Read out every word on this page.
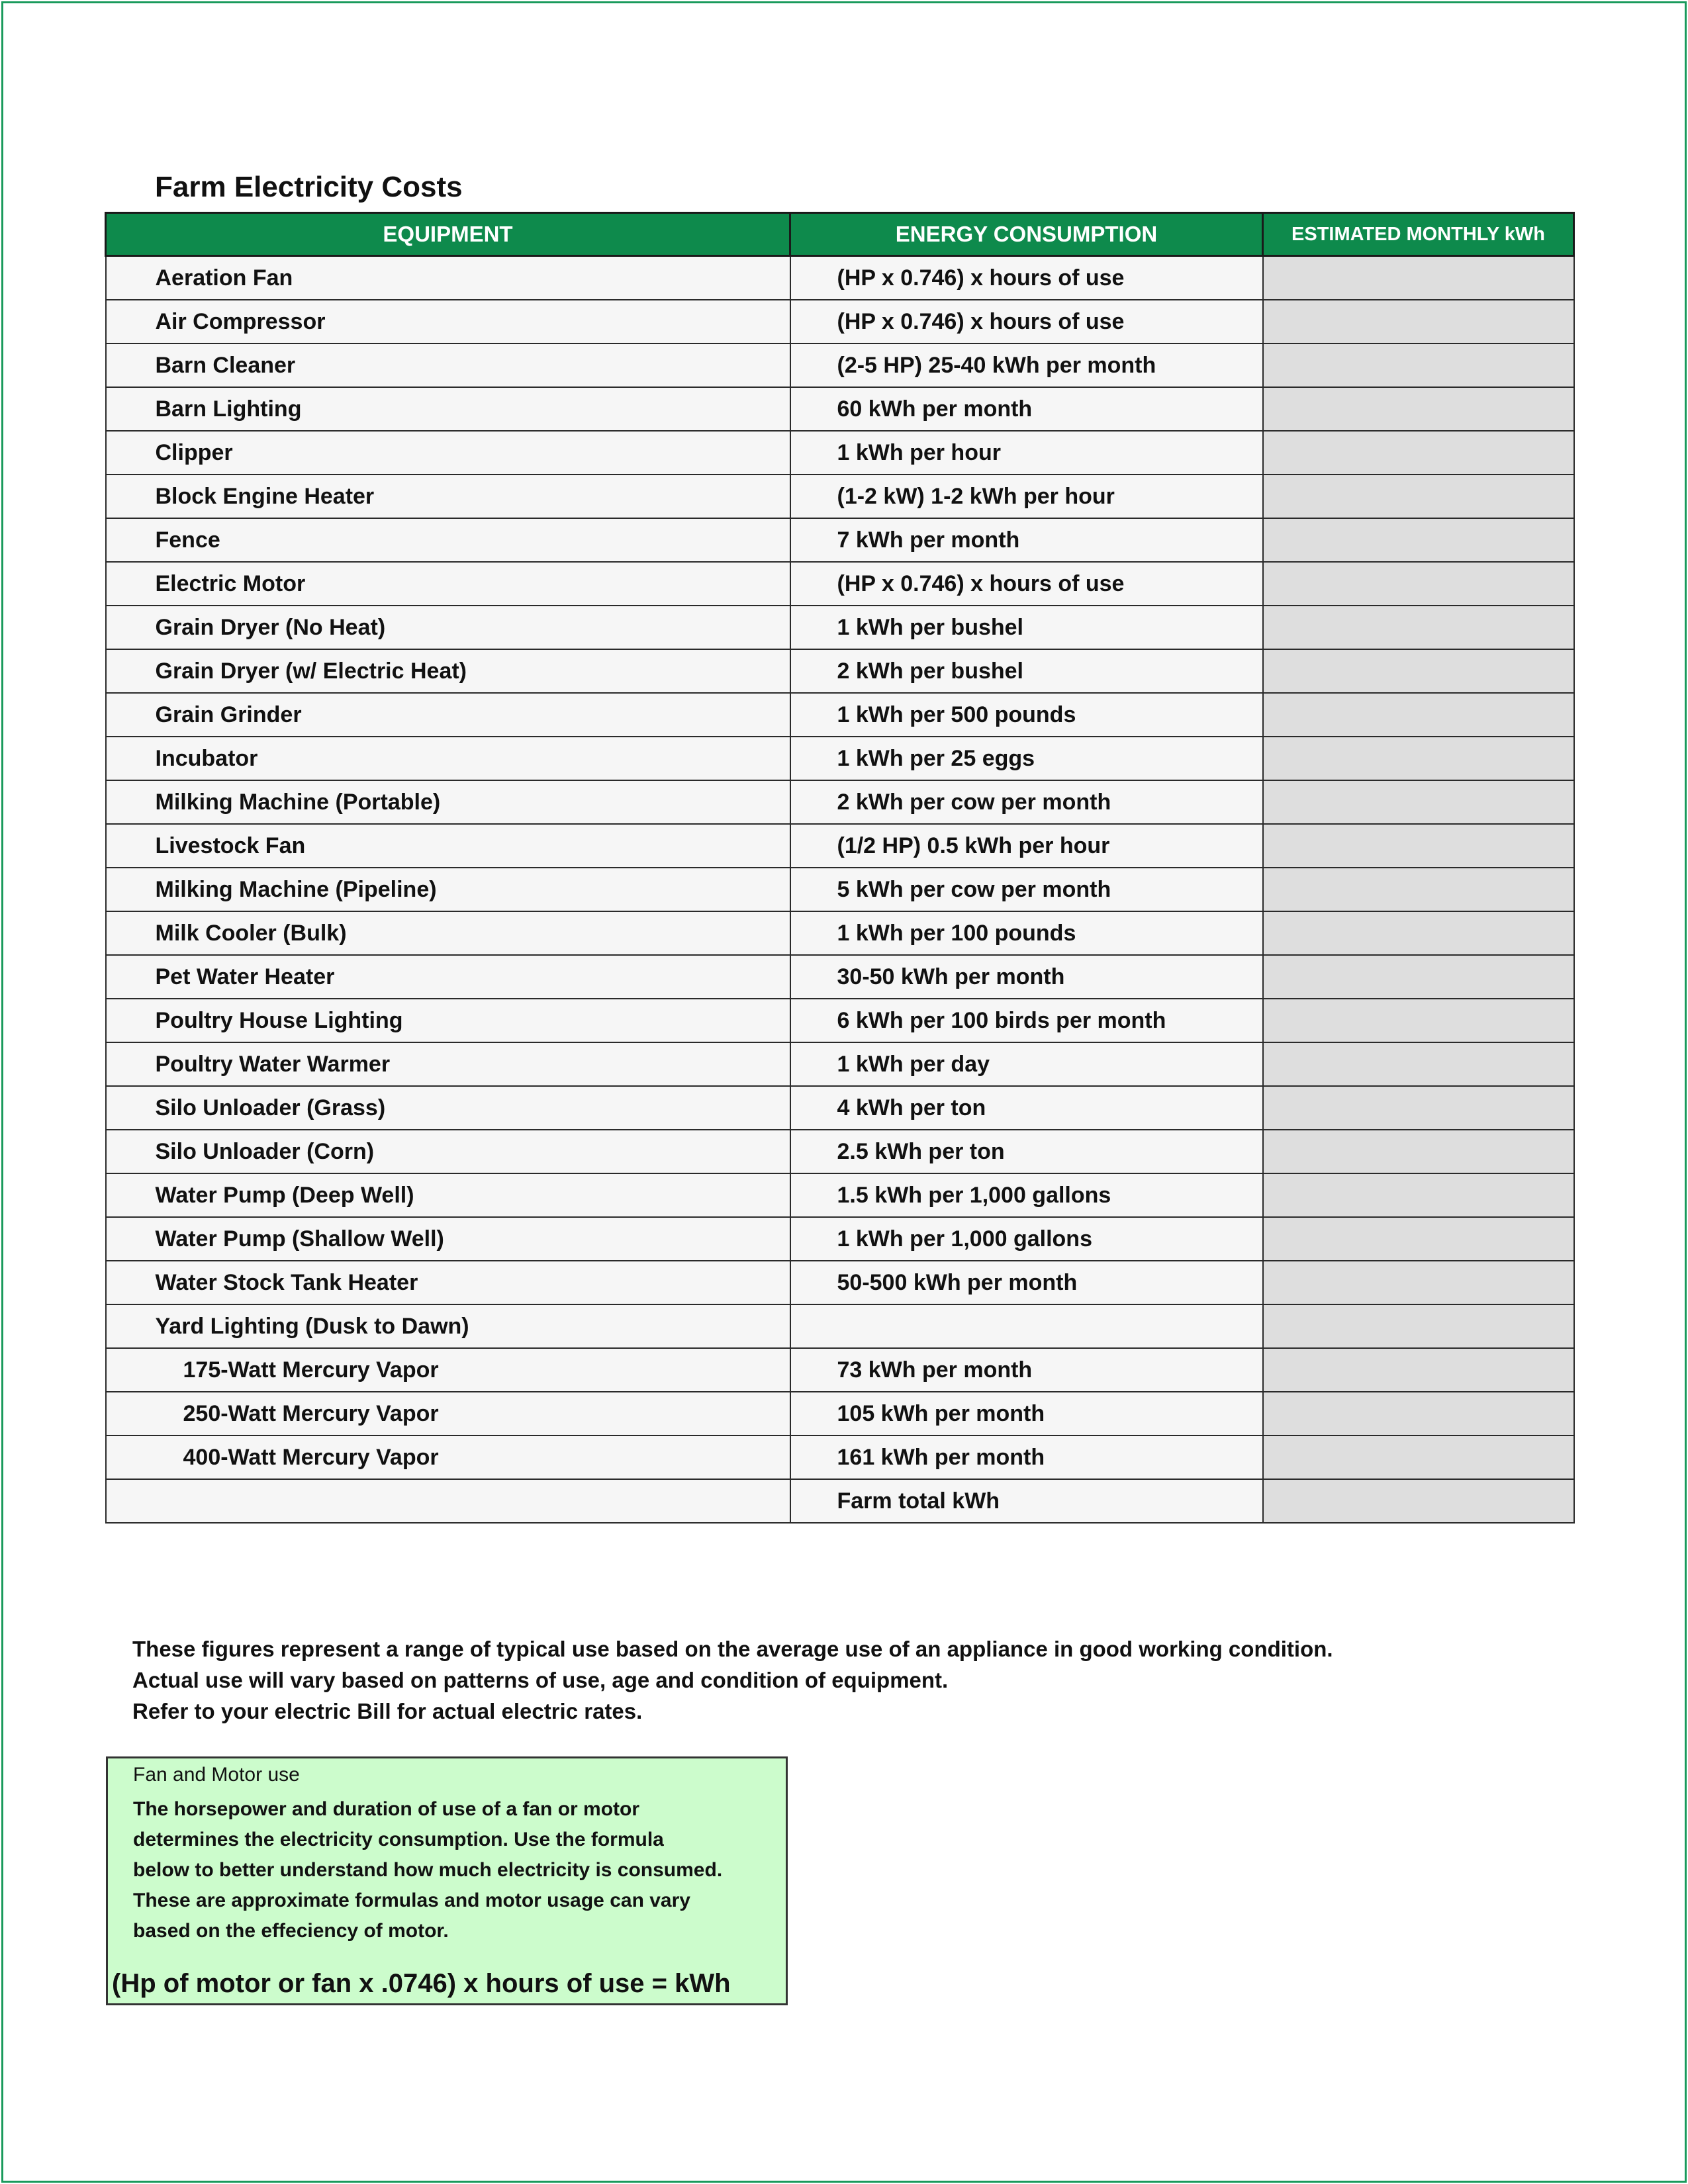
Farm Electricity Costs
EQUIPMENT	ENERGY CONSUMPTION	ESTIMATED MONTHLY kWh
Aeration Fan	(HP x 0.746) x hours of use	
Air Compressor	(HP x 0.746) x hours of use	
Barn Cleaner	(2-5 HP) 25-40 kWh per month	
Barn Lighting	60 kWh per month	
Clipper	1 kWh per hour	
Block Engine Heater	(1-2 kW) 1-2 kWh per hour	
Fence	7 kWh per month	
Electric Motor	(HP x 0.746) x hours of use	
Grain Dryer (No Heat)	1 kWh per bushel	
Grain Dryer (w/ Electric Heat)	2 kWh per bushel	
Grain Grinder	1 kWh per 500 pounds	
Incubator	1 kWh per 25 eggs	
Milking Machine (Portable)	2 kWh per cow per month	
Livestock Fan	(1/2 HP) 0.5 kWh per hour	
Milking Machine (Pipeline)	5 kWh per cow per month	
Milk Cooler (Bulk)	1 kWh per 100 pounds	
Pet Water Heater	30-50 kWh per month	
Poultry House Lighting	6 kWh per 100 birds per month	
Poultry Water Warmer	1 kWh per day	
Silo Unloader (Grass)	4 kWh per ton	
Silo Unloader (Corn)	2.5 kWh per ton	
Water Pump (Deep Well)	1.5 kWh per 1,000 gallons	
Water Pump (Shallow Well)	1 kWh per 1,000 gallons	
Water Stock Tank Heater	50-500 kWh per month	
Yard Lighting (Dusk to Dawn)		
175-Watt Mercury Vapor	73 kWh per month	
250-Watt Mercury Vapor	105 kWh per month	
400-Watt Mercury Vapor	161 kWh per month	
	Farm total kWh	
These figures represent a range of typical use based on the average use of an appliance in good working condition.
Actual use will vary based on patterns of use, age and condition of equipment.
Refer to your electric Bill for actual electric rates.
Fan and Motor use
The horsepower and duration of use of a fan or motor
determines the electricity consumption. Use the formula
below to better understand how much electricity is consumed.
These are approximate formulas and motor usage can vary
based on the effeciency of motor.
(Hp of motor or fan x .0746) x hours of use = kWh
